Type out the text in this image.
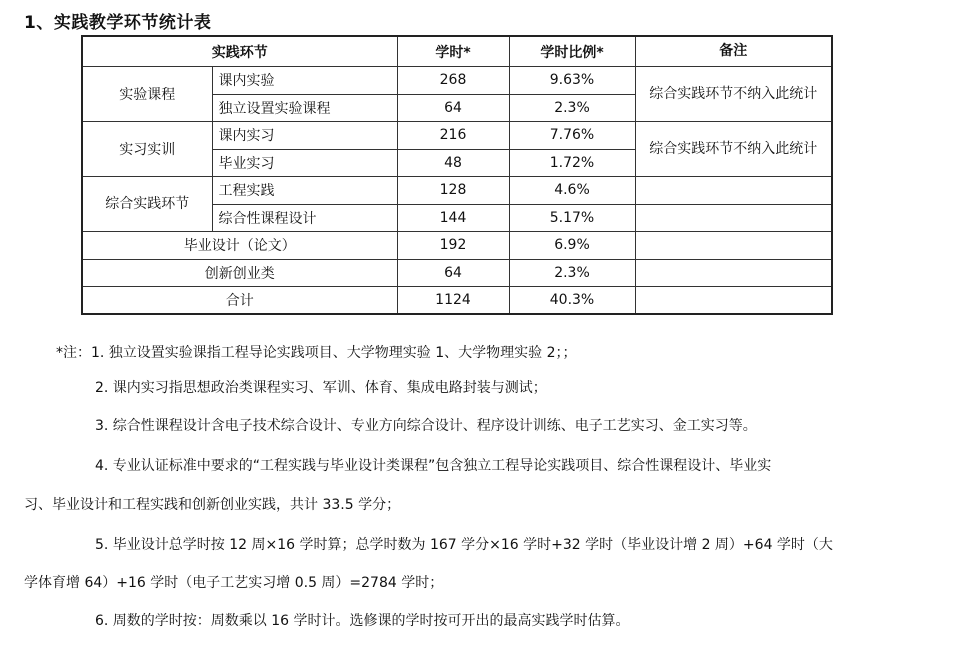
1、实践教学环节统计表
实践环节		学时*	学时比例*	备注
实验课程	课内实验	268	9.63%	综合实践环节不纳入此统计
	独立设置实验课程	64	2.3%	
实习实训	课内实习	216	7.76%	综合实践环节不纳入此统计
	毕业实习	48	1.72%	
综合实践环节	工程实践	128	4.6%	
	综合性课程设计	144	5.17%	
毕业设计（论文）		192	6.9%	
创新创业类		64	2.3%	
合计		1124	40.3%	
*注：1. 独立设置实验课指工程导论实践项目、大学物理实验 1、大学物理实验 2；；
2. 课内实习指思想政治类课程实习、军训、体育、集成电路封装与测试；
3. 综合性课程设计含电子技术综合设计、专业方向综合设计、程序设计训练、电子工艺实习、金工实习等。
4. 专业认证标准中要求的“工程实践与毕业设计类课程”包含独立工程导论实践项目、综合性课程设计、毕业实
习、毕业设计和工程实践和创新创业实践，共计 33.5 学分；
5. 毕业设计总学时按 12 周×16 学时算；总学时数为 167 学分×16 学时+32 学时（毕业设计增 2 周）+64 学时（大
学体育增 64）+16 学时（电子工艺实习增 0.5 周）=2784 学时；
6. 周数的学时按：周数乘以 16 学时计。选修课的学时按可开出的最高实践学时估算。
